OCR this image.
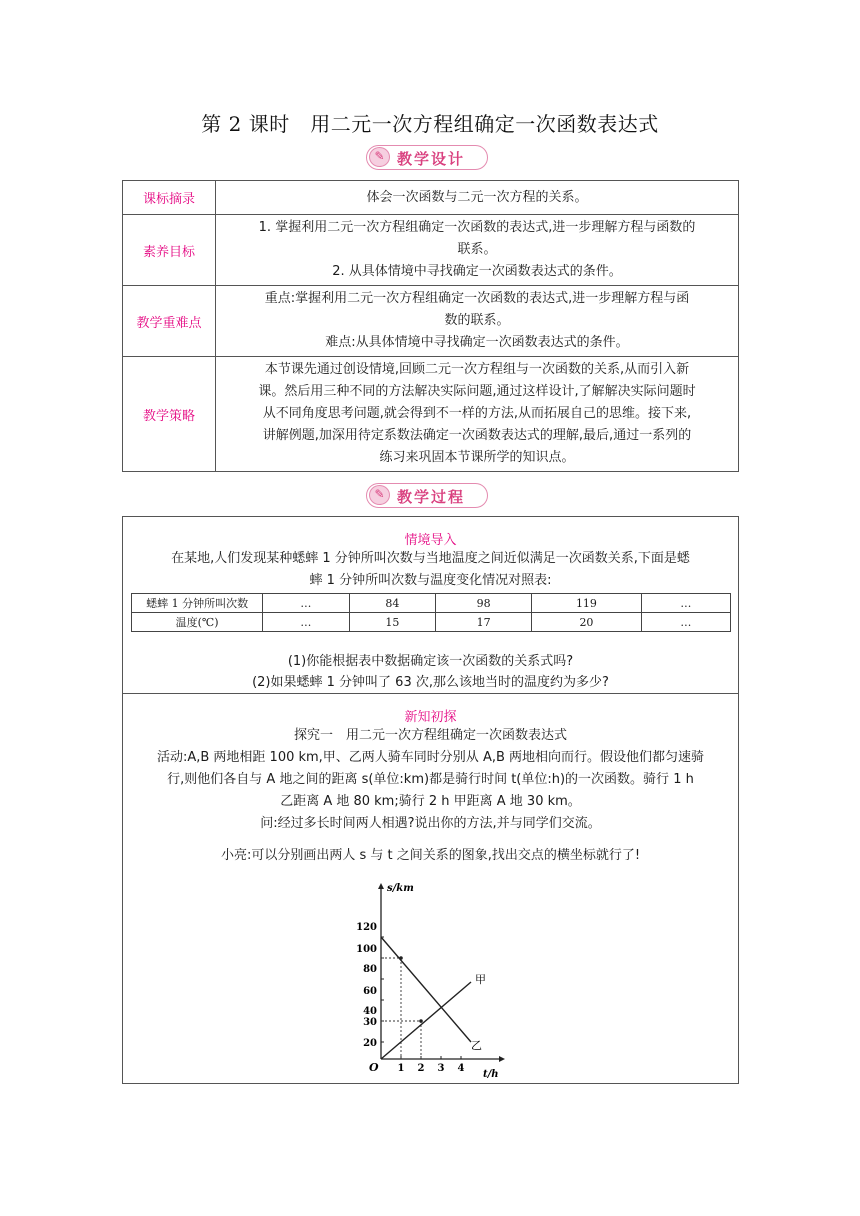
第 2 课时　用二元一次方程组确定一次函数表达式
✎ 教学设计
课标摘录	体会一次函数与二元一次方程的关系。

素养目标	1. 掌握利用二元一次方程组确定一次函数的表达式,进一步理解方程与函数的
联系。
2. 从具体情境中寻找确定一次函数表达式的条件。

教学重难点	重点:掌握利用二元一次方程组确定一次函数的表达式,进一步理解方程与函
数的联系。
难点:从具体情境中寻找确定一次函数表达式的条件。

教学策略	本节课先通过创设情境,回顾二元一次方程组与一次函数的关系,从而引入新
课。然后用三种不同的方法解决实际问题,通过这样设计,了解解决实际问题时
从不同角度思考问题,就会得到不一样的方法,从而拓展自己的思维。接下来,
讲解例题,加深用待定系数法确定一次函数表达式的理解,最后,通过一系列的
练习来巩固本节课所学的知识点。
✎ 教学过程
情境导入
在某地,人们发现某种蟋蟀 1 分钟所叫次数与当地温度之间近似满足一次函数关系,下面是蟋
蟀 1 分钟所叫次数与温度变化情况对照表:
蟋蟀 1 分钟所叫次数	…	84	98	119	…
温度(℃)	…	15	17	20	…
(1)你能根据表中数据确定该一次函数的关系式吗?
(2)如果蟋蟀 1 分钟叫了 63 次,那么该地当时的温度约为多少?
新知初探
探究一　用二元一次方程组确定一次函数表达式
活动:A,B 两地相距 100 km,甲、乙两人骑车同时分别从 A,B 两地相向而行。假设他们都匀速骑
行,则他们各自与 A 地之间的距离 s(单位:km)都是骑行时间 t(单位:h)的一次函数。骑行 1 h
乙距离 A 地 80 km;骑行 2 h 甲距离 A 地 30 km。
问:经过多长时间两人相遇?说出你的方法,并与同学们交流。
小亮:可以分别画出两人 s 与 t 之间关系的图象,找出交点的横坐标就行了!
s/km
t/h
O
20
30
40
60
80
100
120
1 2 3 4
甲
乙
